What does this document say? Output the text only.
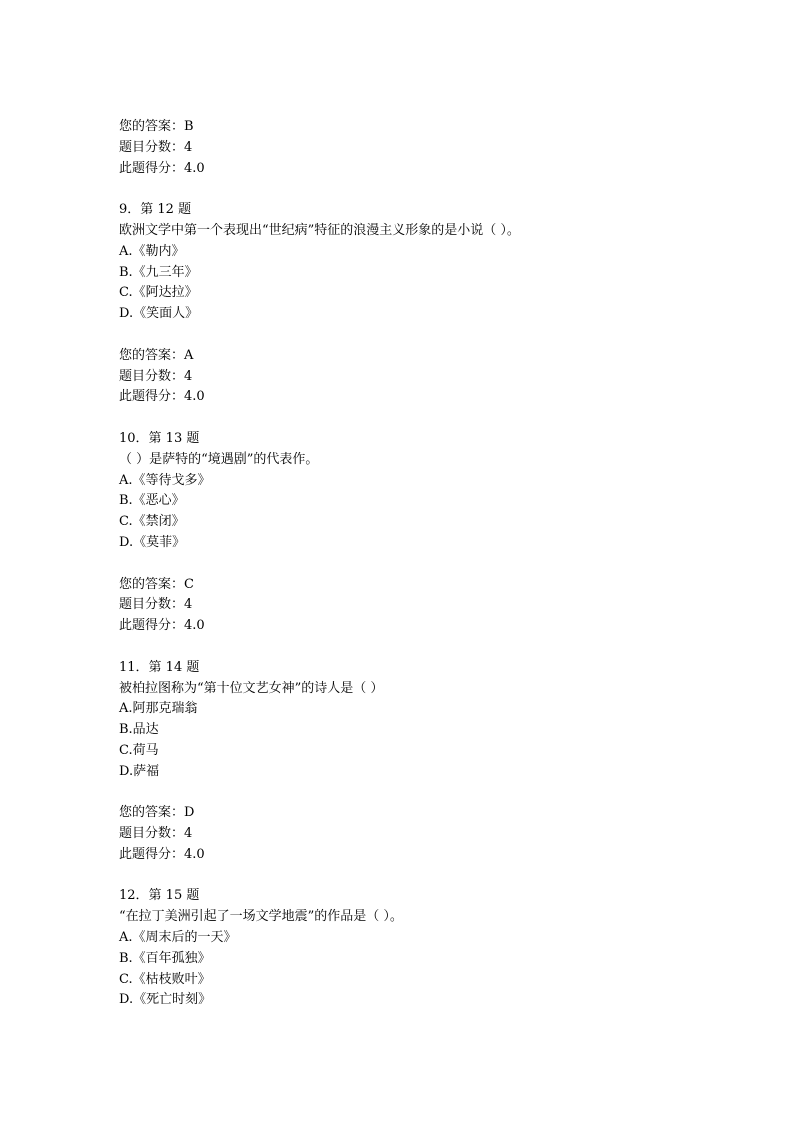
您的答案：B
题目分数：4
此题得分：4.0
9．第 12 题
欧洲文学中第一个表现出“世纪病”特征的浪漫主义形象的是小说（ ）。
A.《勒内》
B.《九三年》
C.《阿达拉》
D.《笑面人》
您的答案：A
题目分数：4
此题得分：4.0
10．第 13 题
（ ）是萨特的“境遇剧”的代表作。
A.《等待戈多》
B.《恶心》
C.《禁闭》
D.《莫菲》
您的答案：C
题目分数：4
此题得分：4.0
11．第 14 题
被柏拉图称为“第十位文艺女神”的诗人是（ ）
A.阿那克瑞翁
B.品达
C.荷马
D.萨福
您的答案：D
题目分数：4
此题得分：4.0
12．第 15 题
“在拉丁美洲引起了一场文学地震”的作品是（ ）。
A.《周末后的一天》
B.《百年孤独》
C.《枯枝败叶》
D.《死亡时刻》
